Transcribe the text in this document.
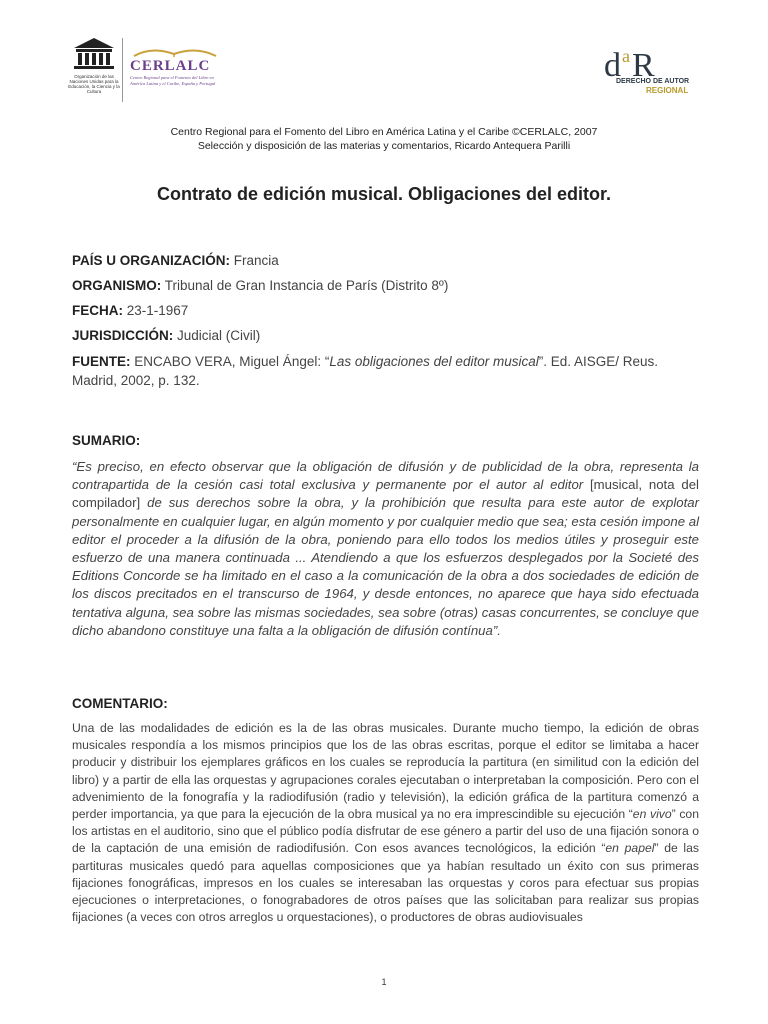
Organización de las Naciones Unidas para la Educación, la Ciencia y la Cultura
CERLALC
Centro Regional para el Fomento del Libro en América Latina y el Caribe, España y Portugal	d a R
DERECHO DE AUTOR
REGIONAL
Centro Regional para el Fomento del Libro en América Latina y el Caribe ©CERLALC, 2007
Selección y disposición de las materias y comentarios, Ricardo Antequera Parilli
Contrato de edición musical. Obligaciones del editor.
PAÍS U ORGANIZACIÓN: Francia
ORGANISMO: Tribunal de Gran Instancia de París (Distrito 8º)
FECHA: 23-1-1967
JURISDICCIÓN: Judicial (Civil)
FUENTE: ENCABO VERA, Miguel Ángel: “Las obligaciones del editor musical”. Ed. AISGE/ Reus. Madrid, 2002, p. 132.
SUMARIO:
“Es preciso, en efecto observar que la obligación de difusión y de publicidad de la obra, representa la contrapartida de la cesión casi total exclusiva y permanente por el autor al editor [musical, nota del compilador] de sus derechos sobre la obra, y la prohibición que resulta para este autor de explotar personalmente en cualquier lugar, en algún momento y por cualquier medio que sea; esta cesión impone al editor el proceder a la difusión de la obra, poniendo para ello todos los medios útiles y proseguir este esfuerzo de una manera continuada ... Atendiendo a que los esfuerzos desplegados por la Societé des Editions Concorde se ha limitado en el caso a la comunicación de la obra a dos sociedades de edición de los discos precitados en el transcurso de 1964, y desde entonces, no aparece que haya sido efectuada tentativa alguna, sea sobre las mismas sociedades, sea sobre (otras) casas concurrentes, se concluye que dicho abandono constituye una falta a la obligación de difusión contínua”.
COMENTARIO:
Una de las modalidades de edición es la de las obras musicales. Durante mucho tiempo, la edición de obras musicales respondía a los mismos principios que los de las obras escritas, porque el editor se limitaba a hacer producir y distribuir los ejemplares gráficos en los cuales se reproducía la partitura (en similitud con la edición del libro) y a partir de ella las orquestas y agrupaciones corales ejecutaban o interpretaban la composición. Pero con el advenimiento de la fonografía y la radiodifusión (radio y televisión), la edición gráfica de la partitura comenzó a perder importancia, ya que para la ejecución de la obra musical ya no era imprescindible su ejecución “en vivo” con los artistas en el auditorio, sino que el público podía disfrutar de ese género a partir del uso de una fijación sonora o de la captación de una emisión de radiodifusión. Con esos avances tecnológicos, la edición “en papel” de las partituras musicales quedó para aquellas composiciones que ya habían resultado un éxito con sus primeras fijaciones fonográficas, impresos en los cuales se interesaban las orquestas y coros para efectuar sus propias ejecuciones o interpretaciones, o fonograbadores de otros países que las solicitaban para realizar sus propias fijaciones (a veces con otros arreglos u orquestaciones), o productores de obras audiovisuales
1
